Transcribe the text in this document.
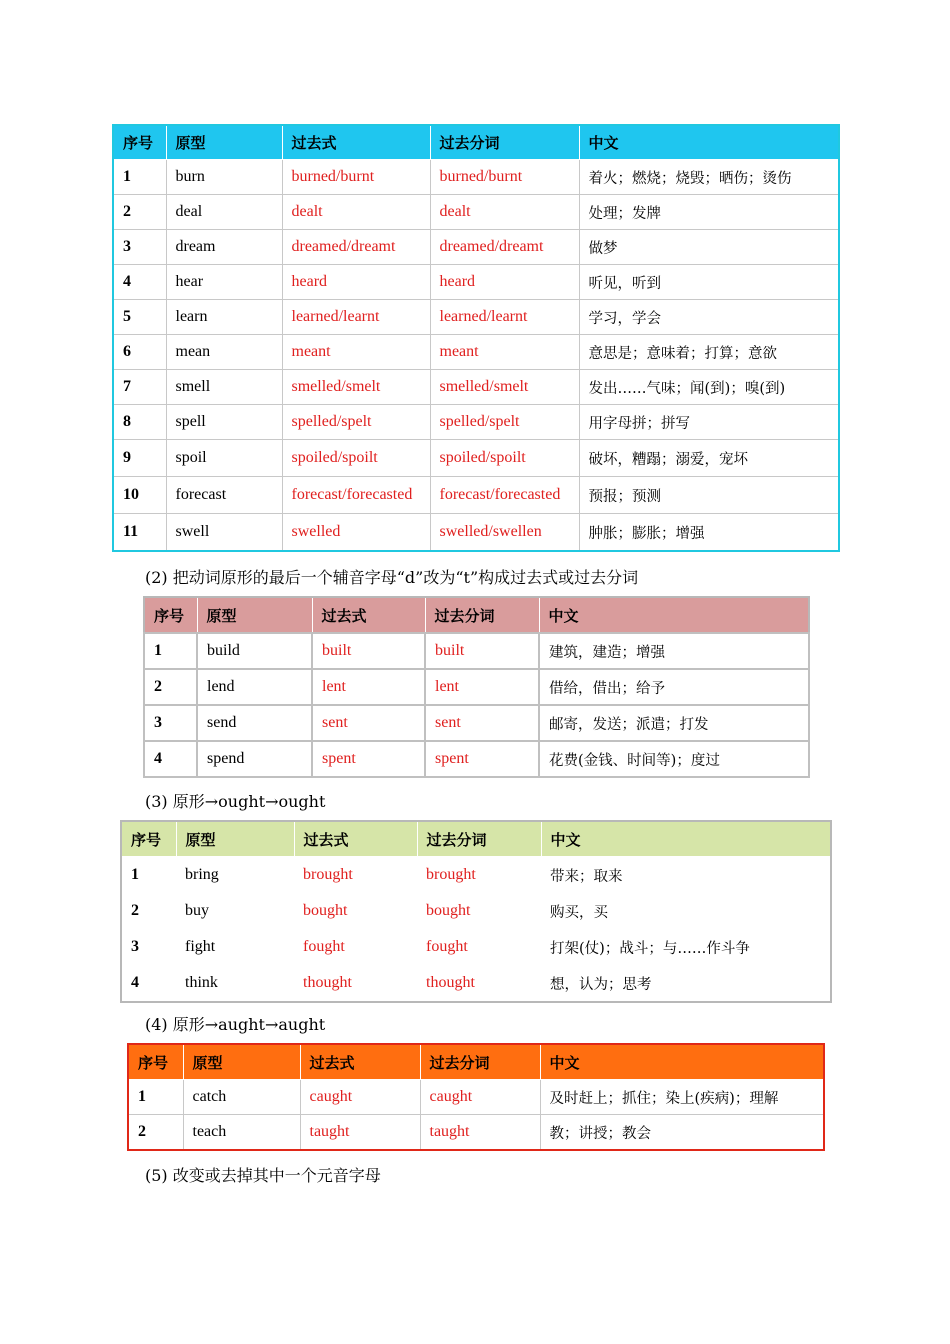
序号	原型	过去式	过去分词	中文
1	burn	burned/burnt	burned/burnt	着火；燃烧；烧毁；晒伤；烫伤
2	deal	dealt	dealt	处理；发牌
3	dream	dreamed/dreamt	dreamed/dreamt	做梦
4	hear	heard	heard	听见，听到
5	learn	learned/learnt	learned/learnt	学习，学会
6	mean	meant	meant	意思是；意味着；打算；意欲
7	smell	smelled/smelt	smelled/smelt	发出……气味；闻(到)；嗅(到)
8	spell	spelled/spelt	spelled/spelt	用字母拼；拼写
9	spoil	spoiled/spoilt	spoiled/spoilt	破坏，糟蹋；溺爱，宠坏
10	forecast	forecast/forecasted	forecast/forecasted	预报；预测
11	swell	swelled	swelled/swellen	肿胀；膨胀；增强
(2) 把动词原形的最后一个辅音字母“d”改为“t”构成过去式或过去分词
序号	原型	过去式	过去分词	中文
1	build	built	built	建筑，建造；增强
2	lend	lent	lent	借给，借出；给予
3	send	sent	sent	邮寄，发送；派遣；打发
4	spend	spent	spent	花费(金钱、时间等)；度过
(3) 原形→ought→ought
序号	原型	过去式	过去分词	中文
1	bring	brought	brought	带来；取来
2	buy	bought	bought	购买，买
3	fight	fought	fought	打架(仗)；战斗；与……作斗争
4	think	thought	thought	想，认为；思考
(4) 原形→aught→aught
序号	原型	过去式	过去分词	中文
1	catch	caught	caught	及时赶上；抓住；染上(疾病)；理解
2	teach	taught	taught	教；讲授；教会
(5) 改变或去掉其中一个元音字母
